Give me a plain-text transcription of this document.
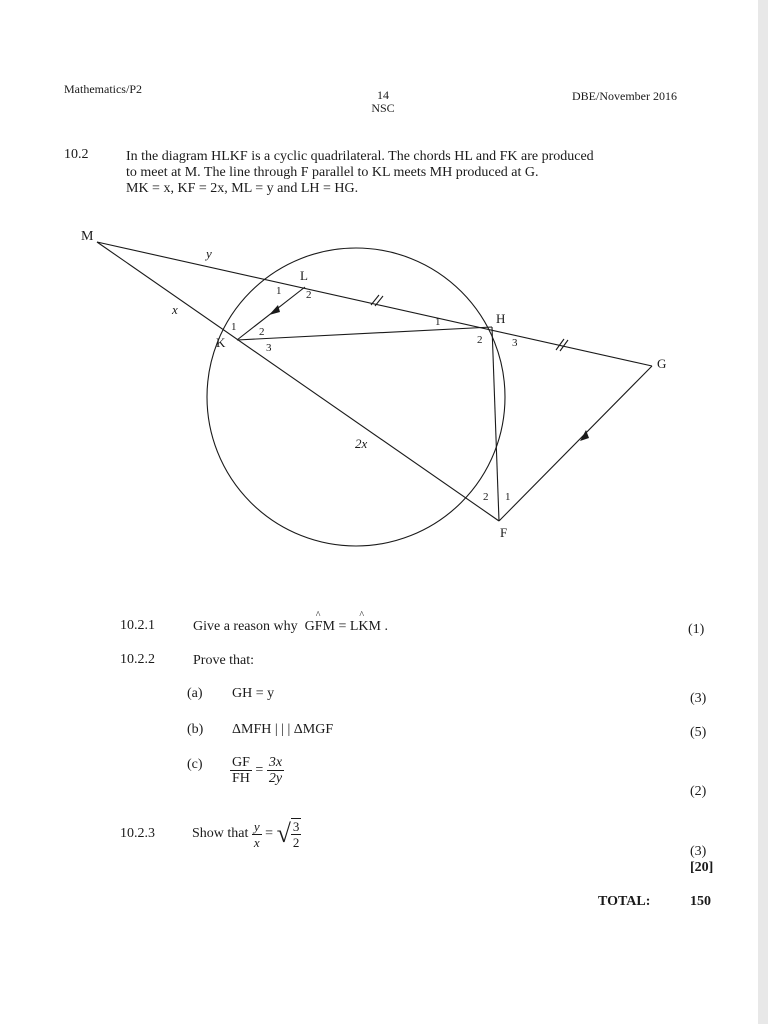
Mathematics/P2	14
NSC
DBE/November 2016
10.2	In the diagram HLKF is a cyclic quadrilateral. The chords HL and FK are produced
to meet at M. The line through F parallel to KL meets MH produced at G.
MK = x, KF = 2x, ML = y and LH = HG.
M
L
K
H
G
F
y
x
2x
1 2
1 2
3
1
2	3
1
2
10.2.1	Give a reason why  G^ FM = L^ KM .	(1)
10.2.2	Prove that:
(a) GH = y	(3)
(b) ΔMFH | | | ΔMGF	(5)
$(c) \frac{GF}{FH} = \frac{3x}{2y}$
(2)
10.2.3	Show that $\frac{y}{x}$ = √ $\frac{3}{2}$
(3)
[20]
TOTAL:	150
